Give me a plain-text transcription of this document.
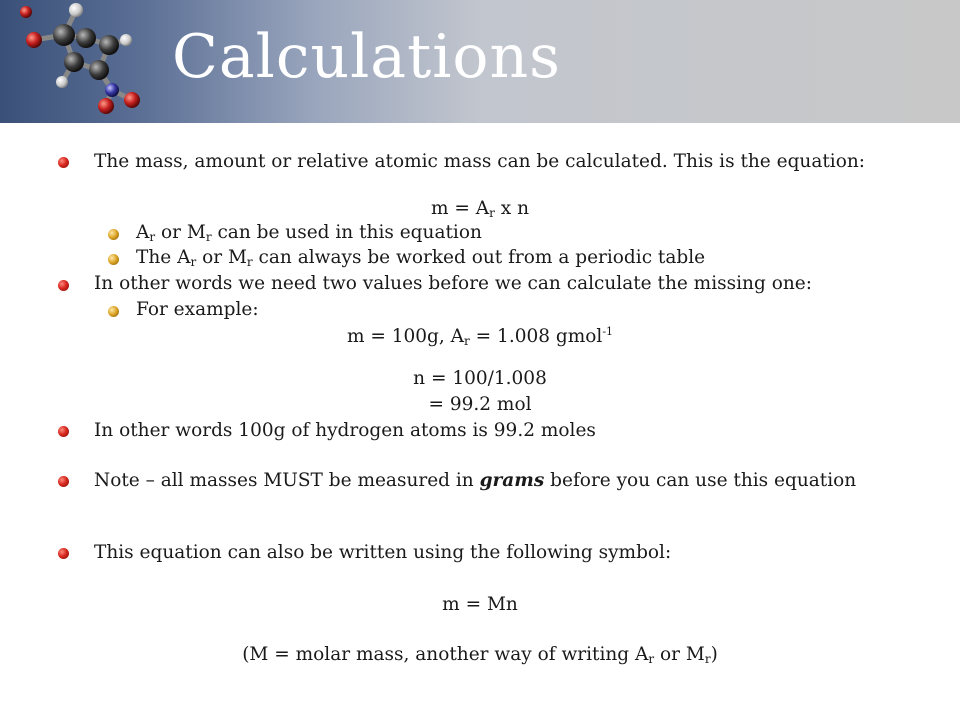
Calculations
The mass, amount or relative atomic mass can be calculated. This is the equation:
$m = A_r$ x n
$A_r$ or $M_r$ can be used in this equation
The $A_r$ or $M_r$ can always be worked out from a periodic table
In other words we need two values before we can calculate the missing one:
For example:
m = 100g, $A_r = 1.008$ gmol$^{-1}$
n = 100/1.008
= 99.2 mol
In other words 100g of hydrogen atoms is 99.2 moles
Note – all masses MUST be measured in grams before you can use this equation
This equation can also be written using the following symbol:
m = Mn
(M = molar mass, another way of writing $A_r$ or $M_r$)
